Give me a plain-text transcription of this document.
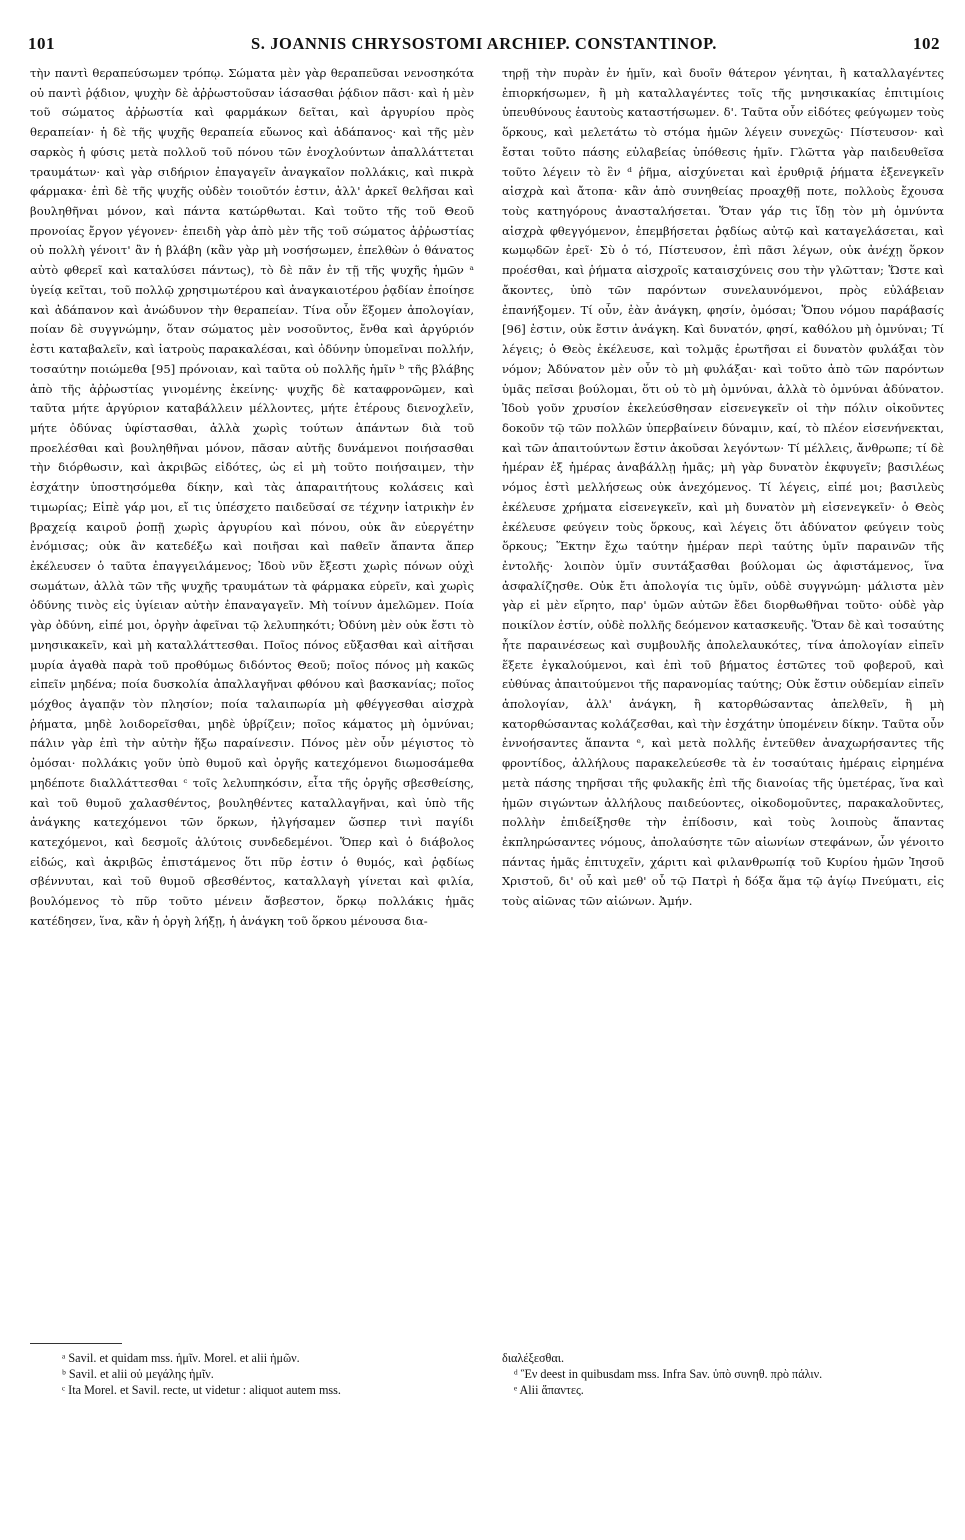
101	S. JOANNIS CHRYSOSTOMI ARCHIEP. CONSTANTINOP.	102

τὴν παντὶ θεραπεύσωμεν τρόπῳ. Σώματα μὲν γὰρ θεραπεῦσαι νενοσηκότα οὐ παντὶ ῥᾴδιον, ψυχὴν δὲ ἀῤῥωστοῦσαν ἰάσασθαι ῥᾴδιον πᾶσι· καὶ ἡ μὲν τοῦ σώματος ἀῤῥωστία καὶ φαρμάκων δεῖται, καὶ ἀργυρίου πρὸς θεραπείαν· ἡ δὲ τῆς ψυχῆς θεραπεία εὔωνος καὶ ἀδάπανος· καὶ τῆς μὲν σαρκὸς ἡ φύσις μετὰ πολλοῦ τοῦ πόνου τῶν ἐνοχλούντων ἀπαλλάττεται τραυμάτων· καὶ γὰρ σιδήριον ἐπαγαγεῖν ἀναγκαῖον πολλάκις, καὶ πικρὰ φάρμακα· ἐπὶ δὲ τῆς ψυχῆς οὐδὲν τοιοῦτόν ἐστιν, ἀλλ' ἀρκεῖ θελῆσαι καὶ βουληθῆναι μόνον, καὶ πάντα κατώρθωται. Καὶ τοῦτο τῆς τοῦ Θεοῦ προνοίας ἔργον γέγονεν· ἐπειδὴ γὰρ ἀπὸ μὲν τῆς τοῦ σώματος ἀῤῥωστίας οὐ πολλὴ γένοιτ' ἂν ἡ βλάβη (κἂν γὰρ μὴ νοσήσωμεν, ἐπελθὼν ὁ θάνατος αὐτὸ φθερεῖ καὶ καταλύσει πάντως), τὸ δὲ πᾶν ἐν τῇ τῆς ψυχῆς ἡμῶν ᵃ ὑγείᾳ κεῖται, τοῦ πολλῷ χρησιμωτέρου καὶ ἀναγκαιοτέρου ῥᾳδίαν ἐποίησε καὶ ἀδάπανον καὶ ἀνώδυνον τὴν θεραπείαν. Τίνα οὖν ἕξομεν ἀπολογίαν, ποίαν δὲ συγγνώμην, ὅταν σώματος μὲν νοσοῦντος, ἔνθα καὶ ἀργύριόν ἐστι καταβαλεῖν, καὶ ἰατροὺς παρακαλέσαι, καὶ ὀδύνην ὑπομεῖναι πολλήν, τοσαύτην ποιώμεθα [95] πρόνοιαν, καὶ ταῦτα οὐ πολλῆς ἡμῖν ᵇ τῆς βλάβης ἀπὸ τῆς ἀῤῥωστίας γινομένης ἐκείνης· ψυχῆς δὲ καταφρονῶμεν, καὶ ταῦτα μήτε ἀργύριον καταβάλλειν μέλλοντες, μήτε ἑτέρους διενοχλεῖν, μήτε ὀδύνας ὑφίστασθαι, ἀλλὰ χωρὶς τούτων ἁπάντων διὰ τοῦ προελέσθαι καὶ βουληθῆναι μόνον, πᾶσαν αὐτῆς δυνάμενοι ποιήσασθαι τὴν διόρθωσιν, καὶ ἀκριβῶς εἰδότες, ὡς εἰ μὴ τοῦτο ποιήσαιμεν, τὴν ἐσχάτην ὑποστησόμεθα δίκην, καὶ τὰς ἀπαραιτήτους κολάσεις καὶ τιμωρίας; Εἰπὲ γάρ μοι, εἴ τις ὑπέσχετο παιδεῦσαί σε τέχνην ἰατρικὴν ἐν βραχείᾳ καιροῦ ῥοπῇ χωρὶς ἀργυρίου καὶ πόνου, οὐκ ἂν εὐεργέτην ἐνόμισας; οὐκ ἂν κατεδέξω καὶ ποιῆσαι καὶ παθεῖν ἅπαντα ἅπερ ἐκέλευσεν ὁ ταῦτα ἐπαγγειλάμενος; Ἰδοὺ νῦν ἔξεστι χωρὶς πόνων οὐχὶ σωμάτων, ἀλλὰ τῶν τῆς ψυχῆς τραυμάτων τὰ φάρμακα εὑρεῖν, καὶ χωρὶς ὀδύνης τινὸς εἰς ὑγίειαν αὐτὴν ἐπαναγαγεῖν. Μὴ τοίνυν ἀμελῶμεν. Ποία γὰρ ὀδύνη, εἰπέ μοι, ὀργὴν ἀφεῖναι τῷ λελυπηκότι; Ὀδύνη μὲν οὐκ ἔστι τὸ μνησικακεῖν, καὶ μὴ καταλλάττεσθαι. Ποῖος πόνος εὔξασθαι καὶ αἰτῆσαι μυρία ἀγαθὰ παρὰ τοῦ προθύμως διδόντος Θεοῦ; ποῖος πόνος μὴ κακῶς εἰπεῖν μηδένα; ποία δυσκολία ἀπαλλαγῆναι φθόνου καὶ βασκανίας; ποῖος μόχθος ἀγαπᾷν τὸν πλησίον; ποία ταλαιπωρία μὴ φθέγγεσθαι αἰσχρὰ ῥήματα, μηδὲ λοιδορεῖσθαι, μηδὲ ὑβρίζειν; ποῖος κάματος μὴ ὀμνύναι; πάλιν γὰρ ἐπὶ τὴν αὐτὴν ἥξω παραίνεσιν. Πόνος μὲν οὖν μέγιστος τὸ ὀμόσαι· πολλάκις γοῦν ὑπὸ θυμοῦ καὶ ὀργῆς κατεχόμενοι διωμοσάμεθα μηδέποτε διαλλάττεσθαι ᶜ τοῖς λελυπηκόσιν, εἶτα τῆς ὀργῆς σβεσθείσης, καὶ τοῦ θυμοῦ χαλασθέντος, βουληθέντες καταλλαγῆναι, καὶ ὑπὸ τῆς ἀνάγκης κατεχόμενοι τῶν ὅρκων, ἠλγήσαμεν ὥσπερ τινὶ παγίδι κατεχόμενοι, καὶ δεσμοῖς ἀλύτοις συνδεδεμένοι. Ὅπερ καὶ ὁ διάβολος εἰδώς, καὶ ἀκριβῶς ἐπιστάμενος ὅτι πῦρ ἐστιν ὁ θυμός, καὶ ῥᾳδίως σβέννυται, καὶ τοῦ θυμοῦ σβεσθέντος, καταλλαγὴ γίνεται καὶ φιλία, βουλόμενος τὸ πῦρ τοῦτο μένειν ἄσβεστον, ὅρκῳ πολλάκις ἡμᾶς κατέδησεν, ἵνα, κἂν ἡ ὀργὴ λήξῃ, ἡ ἀνάγκη τοῦ ὅρκου μένουσα δια-

τηρῇ τὴν πυρὰν ἐν ἡμῖν, καὶ δυοῖν θάτερον γένηται, ἢ καταλλαγέντες ἐπιορκήσωμεν, ἢ μὴ καταλλαγέντες τοῖς τῆς μνησικακίας ἐπιτιμίοις ὑπευθύνους ἑαυτοὺς καταστήσωμεν. δ'. Ταῦτα οὖν εἰδότες φεύγωμεν τοὺς ὅρκους, καὶ μελετάτω τὸ στόμα ἡμῶν λέγειν συνεχῶς· Πίστευσον· καὶ ἔσται τοῦτο πάσης εὐλαβείας ὑπόθεσις ἡμῖν. Γλῶττα γὰρ παιδευθεῖσα τοῦτο λέγειν τὸ ἓν ᵈ ῥῆμα, αἰσχύνεται καὶ ἐρυθριᾷ ῥήματα ἐξενεγκεῖν αἰσχρὰ καὶ ἄτοπα· κἂν ἀπὸ συνηθείας προαχθῇ ποτε, πολλοὺς ἔχουσα τοὺς κατηγόρους ἀνασταλήσεται. Ὅταν γάρ τις ἴδῃ τὸν μὴ ὀμνύντα αἰσχρὰ φθεγγόμενον, ἐπεμβήσεται ῥᾳδίως αὐτῷ καὶ καταγελάσεται, καὶ κωμῳδῶν ἐρεῖ· Σὺ ὁ τό, Πίστευσον, ἐπὶ πᾶσι λέγων, οὐκ ἀνέχῃ ὅρκον προέσθαι, καὶ ῥήματα αἰσχροῖς καταισχύνεις σου τὴν γλῶτταν; Ὥστε καὶ ἄκοντες, ὑπὸ τῶν παρόντων συνελαυνόμενοι, πρὸς εὐλάβειαν ἐπανήξομεν. Τί οὖν, ἐὰν ἀνάγκη, φησίν, ὀμόσαι; Ὅπου νόμου παράβασίς [96] ἐστιν, οὐκ ἔστιν ἀνάγκη. Καὶ δυνατόν, φησί, καθόλου μὴ ὀμνύναι; Τί λέγεις; ὁ Θεὸς ἐκέλευσε, καὶ τολμᾷς ἐρωτῆσαι εἰ δυνατὸν φυλάξαι τὸν νόμον; Ἀδύνατον μὲν οὖν τὸ μὴ φυλάξαι· καὶ τοῦτο ἀπὸ τῶν παρόντων ὑμᾶς πεῖσαι βούλομαι, ὅτι οὐ τὸ μὴ ὀμνύναι, ἀλλὰ τὸ ὀμνύναι ἀδύνατον. Ἰδοὺ γοῦν χρυσίον ἐκελεύσθησαν εἰσενεγκεῖν οἱ τὴν πόλιν οἰκοῦντες δοκοῦν τῷ τῶν πολλῶν ὑπερβαίνειν δύναμιν, καί, τὸ πλέον εἰσενήνεκται, καὶ τῶν ἀπαιτούντων ἔστιν ἀκοῦσαι λεγόντων· Τί μέλλεις, ἄνθρωπε; τί δὲ ἡμέραν ἐξ ἡμέρας ἀναβάλλῃ ἡμᾶς; μὴ γὰρ δυνατὸν ἐκφυγεῖν; βασιλέως νόμος ἐστὶ μελλήσεως οὐκ ἀνεχόμενος. Τί λέγεις, εἰπέ μοι; βασιλεὺς ἐκέλευσε χρήματα εἰσενεγκεῖν, καὶ μὴ δυνατὸν μὴ εἰσενεγκεῖν· ὁ Θεὸς ἐκέλευσε φεύγειν τοὺς ὅρκους, καὶ λέγεις ὅτι ἀδύνατον φεύγειν τοὺς ὅρκους; Ἕκτην ἔχω ταύτην ἡμέραν περὶ ταύτης ὑμῖν παραινῶν τῆς ἐντολῆς· λοιπὸν ὑμῖν συντάξασθαι βούλομαι ὡς ἀφιστάμενος, ἵνα ἀσφαλίζησθε. Οὐκ ἔτι ἀπολογία τις ὑμῖν, οὐδὲ συγγνώμη· μάλιστα μὲν γὰρ εἰ μὲν εἴρητο, παρ' ὑμῶν αὐτῶν ἔδει διορθωθῆναι τοῦτο· οὐδὲ γὰρ ποικίλον ἐστίν, οὐδὲ πολλῆς δεόμενον κατασκευῆς. Ὅταν δὲ καὶ τοσαύτης ἦτε παραινέσεως καὶ συμβουλῆς ἀπολελαυκότες, τίνα ἀπολογίαν εἰπεῖν ἕξετε ἐγκαλούμενοι, καὶ ἐπὶ τοῦ βήματος ἑστῶτες τοῦ φοβεροῦ, καὶ εὐθύνας ἀπαιτούμενοι τῆς παρανομίας ταύτης; Οὐκ ἔστιν οὐδεμίαν εἰπεῖν ἀπολογίαν, ἀλλ' ἀνάγκη, ἢ κατορθώσαντας ἀπελθεῖν, ἢ μὴ κατορθώσαντας κολάζεσθαι, καὶ τὴν ἐσχάτην ὑπομένειν δίκην. Ταῦτα οὖν ἐννοήσαντες ἅπαντα ᵉ, καὶ μετὰ πολλῆς ἐντεῦθεν ἀναχωρήσαντες τῆς φροντίδος, ἀλλήλους παρακελεύεσθε τὰ ἐν τοσαύταις ἡμέραις εἰρημένα μετὰ πάσης τηρῆσαι τῆς φυλακῆς ἐπὶ τῆς διανοίας τῆς ὑμετέρας, ἵνα καὶ ἡμῶν σιγώντων ἀλλήλους παιδεύοντες, οἰκοδομοῦντες, παρακαλοῦντες, πολλὴν ἐπιδείξησθε τὴν ἐπίδοσιν, καὶ τοὺς λοιποὺς ἅπαντας ἐκπληρώσαντες νόμους, ἀπολαύσητε τῶν αἰωνίων στεφάνων, ὧν γένοιτο πάντας ἡμᾶς ἐπιτυχεῖν, χάριτι καὶ φιλανθρωπίᾳ τοῦ Κυρίου ἡμῶν Ἰησοῦ Χριστοῦ, δι' οὗ καὶ μεθ' οὗ τῷ Πατρὶ ἡ δόξα ἅμα τῷ ἁγίῳ Πνεύματι, εἰς τοὺς αἰῶνας τῶν αἰώνων. Ἀμήν.

ᵃ Savil. et quidam mss. ἡμῖν. Morel. et alii ἡμῶν.
ᵇ Savil. et alii οὐ μεγάλης ἡμῖν.
ᶜ Ita Morel. et Savil. recte, ut videtur : aliquot autem mss.
διαλέξεσθαι.
ᵈ Ἓν deest in quibusdam mss. Infra Sav. ὑπὸ συνηθ. πρὸ πάλιν.
ᵉ Alii ἅπαντες.
